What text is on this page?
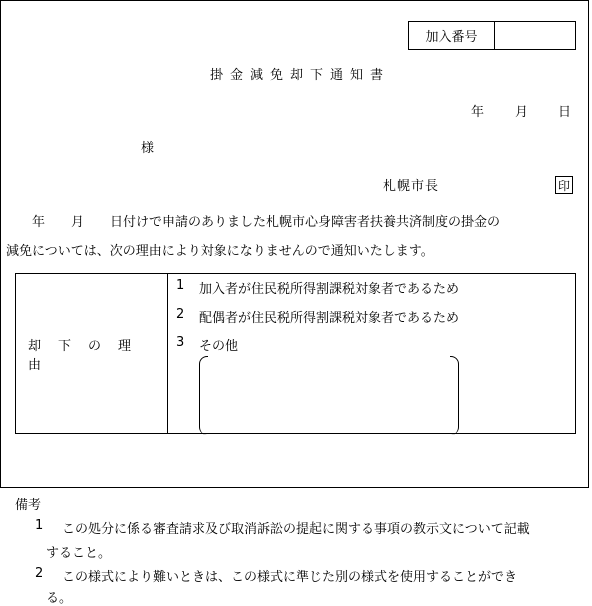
加入番号
掛金減免却下通知書
年 月 日
様
札幌市長	印
　　年　　月　　日付けで申請のありました札幌市心身障害者扶養共済制度の掛金の
減免については、次の理由により対象になりませんので通知いたします。
却下の理由
1 加入者が住民税所得割課税対象者であるため
2 配偶者が住民税所得割課税対象者であるため
3 その他
備考
1 この処分に係る審査請求及び取消訴訟の提起に関する事項の教示文について記載
すること。
2 この様式により難いときは、この様式に準じた別の様式を使用することができ
る。
